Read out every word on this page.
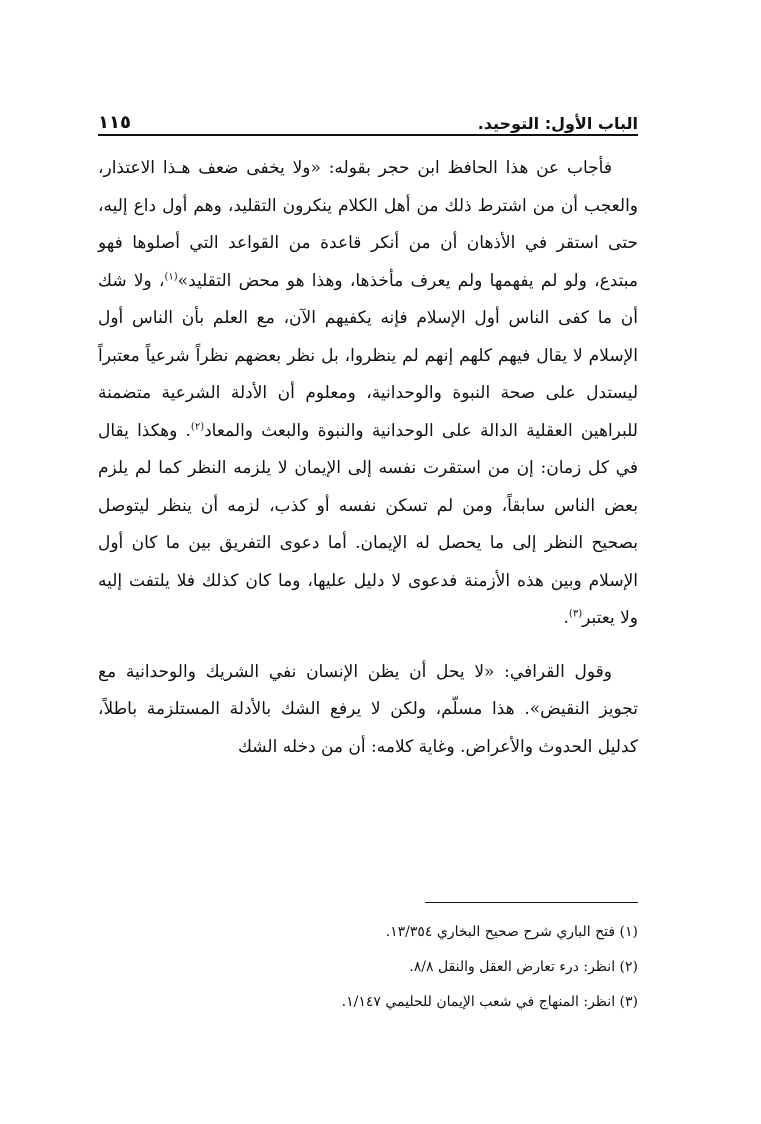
الباب الأول: التوحيد.
١١٥

فأجاب عن هذا الحافظ ابن حجر بقوله: «ولا يخفى ضعف هـذا الاعتذار، والعجب أن من اشترط ذلك من أهل الكلام ينكرون التقليد، وهم أول داع إليه، حتى استقر في الأذهان أن من أنكر قاعدة من القواعد التي أصلوها فهو مبتدع، ولو لم يفهمها ولم يعرف مأخذها، وهذا هو محض التقليد»$^{(١)}$، ولا شك أن ما كفى الناس أول الإسلام فإنه يكفيهم الآن، مع العلم بأن الناس أول الإسلام لا يقال فيهم كلهم إنهم لم ينظروا، بل نظر بعضهم نظراً شرعياً معتبراً ليستدل على صحة النبوة والوحدانية، ومعلوم أن الأدلة الشرعية متضمنة للبراهين العقلية الدالة على الوحدانية والنبوة والبعث والمعاد$^{(٢)}$. وهكذا يقال في كل زمان: إن من استقرت نفسه إلى الإيمان لا يلزمه النظر كما لم يلزم بعض الناس سابقاً، ومن لم تسكن نفسه أو كذب، لزمه أن ينظر ليتوصل بصحيح النظر إلى ما يحصل له الإيمان. أما دعوى التفريق بين ما كان أول الإسلام وبين هذه الأزمنة فدعوى لا دليل عليها، وما كان كذلك فلا يلتفت إليه ولا يعتبر$^{(٣)}$.

وقول القرافي: «لا يحل أن يظن الإنسان نفي الشريك والوحدانية مع تجويز النقيض». هذا مسلّم، ولكن لا يرفع الشك بالأدلة المستلزمة باطلاً، كدليل الحدوث والأعراض. وغاية كلامه: أن من دخله الشك

(١) فتح الباري شرح صحيح البخاري ١٣/٣٥٤.
(٢) انظر: درء تعارض العقل والنقل ٨/٨.
(٣) انظر: المنهاج في شعب الإيمان للحليمي ١/١٤٧.
